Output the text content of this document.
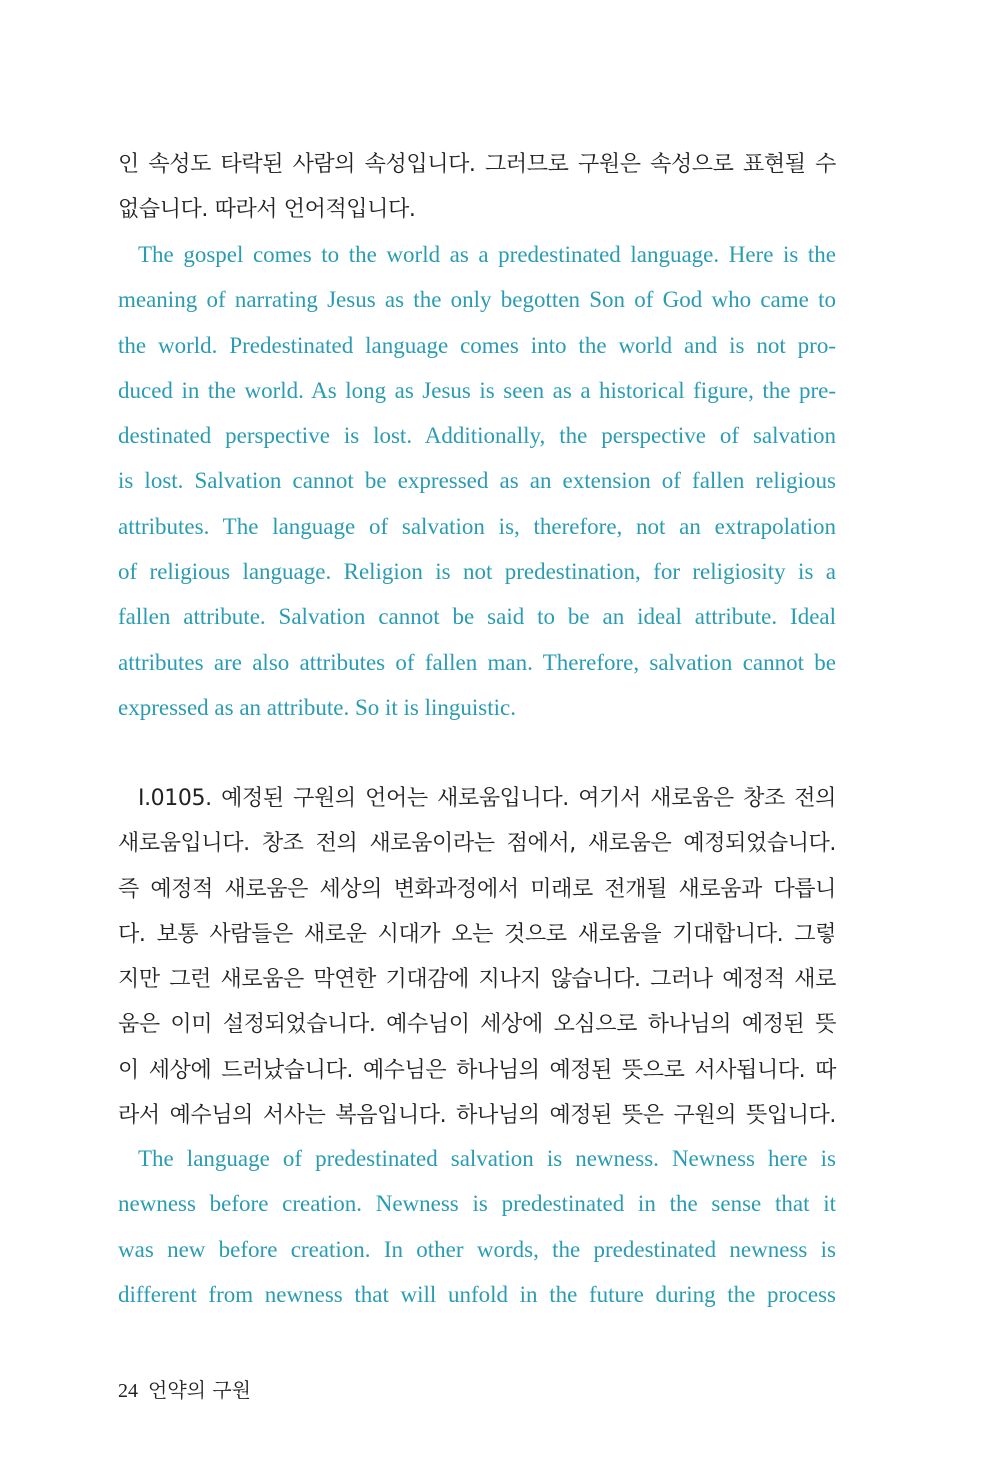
인 속성도 타락된 사람의 속성입니다. 그러므로 구원은 속성으로 표현될 수
없습니다. 따라서 언어적입니다.
The gospel comes to the world as a predestinated language. Here is the
meaning of narrating Jesus as the only begotten Son of God who came to
the world. Predestinated language comes into the world and is not pro-
duced in the world. As long as Jesus is seen as a historical figure, the pre-
destinated perspective is lost. Additionally, the perspective of salvation
is lost. Salvation cannot be expressed as an extension of fallen religious
attributes. The language of salvation is, therefore, not an extrapolation
of religious language. Religion is not predestination, for religiosity is a
fallen attribute. Salvation cannot be said to be an ideal attribute. Ideal
attributes are also attributes of fallen man. Therefore, salvation cannot be
expressed as an attribute. So it is linguistic.
I.0105. 예정된 구원의 언어는 새로움입니다. 여기서 새로움은 창조 전의
새로움입니다. 창조 전의 새로움이라는 점에서, 새로움은 예정되었습니다.
즉 예정적 새로움은 세상의 변화과정에서 미래로 전개될 새로움과 다릅니
다. 보통 사람들은 새로운 시대가 오는 것으로 새로움을 기대합니다. 그렇
지만 그런 새로움은 막연한 기대감에 지나지 않습니다. 그러나 예정적 새로
움은 이미 설정되었습니다. 예수님이 세상에 오심으로 하나님의 예정된 뜻
이 세상에 드러났습니다. 예수님은 하나님의 예정된 뜻으로 서사됩니다. 따
라서 예수님의 서사는 복음입니다. 하나님의 예정된 뜻은 구원의 뜻입니다.
The language of predestinated salvation is newness. Newness here is
newness before creation. Newness is predestinated in the sense that it
was new before creation. In other words, the predestinated newness is
different from newness that will unfold in the future during the process
24 언약의 구원
